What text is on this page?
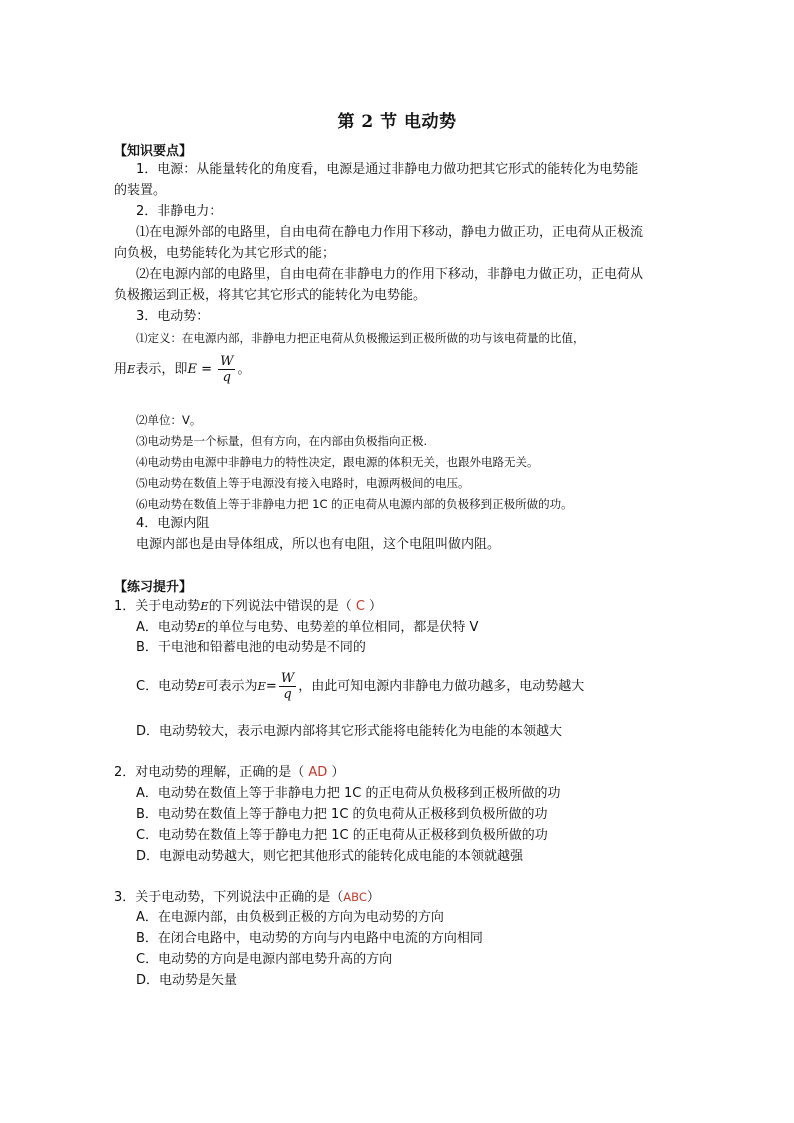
第 2 节 电动势
【知识要点】
1．电源：从能量转化的角度看，电源是通过非静电力做功把其它形式的能转化为电势能
的装置。
2．非静电力：
⑴在电源外部的电路里，自由电荷在静电力作用下移动，静电力做正功，正电荷从正极流
向负极，电势能转化为其它形式的能；
⑵在电源内部的电路里，自由电荷在非静电力的作用下移动，非静电力做正功，正电荷从
负极搬运到正极，将其它其它形式的能转化为电势能。
3．电动势：
⑴定义：在电源内部，非静电力把正电荷从负极搬运到正极所做的功与该电荷量的比值，
用E表示，即$E = \frac{W}{q}$ 。
⑵单位：V。
⑶电动势是一个标量，但有方向，在内部由负极指向正极.
⑷电动势由电源中非静电力的特性决定，跟电源的体积无关，也跟外电路无关。
⑸电动势在数值上等于电源没有接入电路时，电源两极间的电压。
⑹电动势在数值上等于非静电力把 1C 的正电荷从电源内部的负极移到正极所做的功。
4．电源内阻
电源内部也是由导体组成，所以也有电阻，这个电阻叫做内阻。
【练习提升】
1．关于电动势E的下列说法中错误的是（ C ）
A．电动势E的单位与电势、电势差的单位相同，都是伏特 V
B．干电池和铅蓄电池的电动势是不同的
C．电动势E可表示为$E= \frac{W}{q}$ ，由此可知电源内非静电力做功越多，电动势越大
D．电动势较大，表示电源内部将其它形式能将电能转化为电能的本领越大
2．对电动势的理解，正确的是（ AD ）
A．电动势在数值上等于非静电力把 1C 的正电荷从负极移到正极所做的功
B．电动势在数值上等于静电力把 1C 的负电荷从正极移到负极所做的功
C．电动势在数值上等于静电力把 1C 的正电荷从正极移到负极所做的功
D．电源电动势越大，则它把其他形式的能转化成电能的本领就越强
3．关于电动势，下列说法中正确的是（ABC）
A．在电源内部，由负极到正极的方向为电动势的方向
B．在闭合电路中，电动势的方向与内电路中电流的方向相同
C．电动势的方向是电源内部电势升高的方向
D．电动势是矢量
